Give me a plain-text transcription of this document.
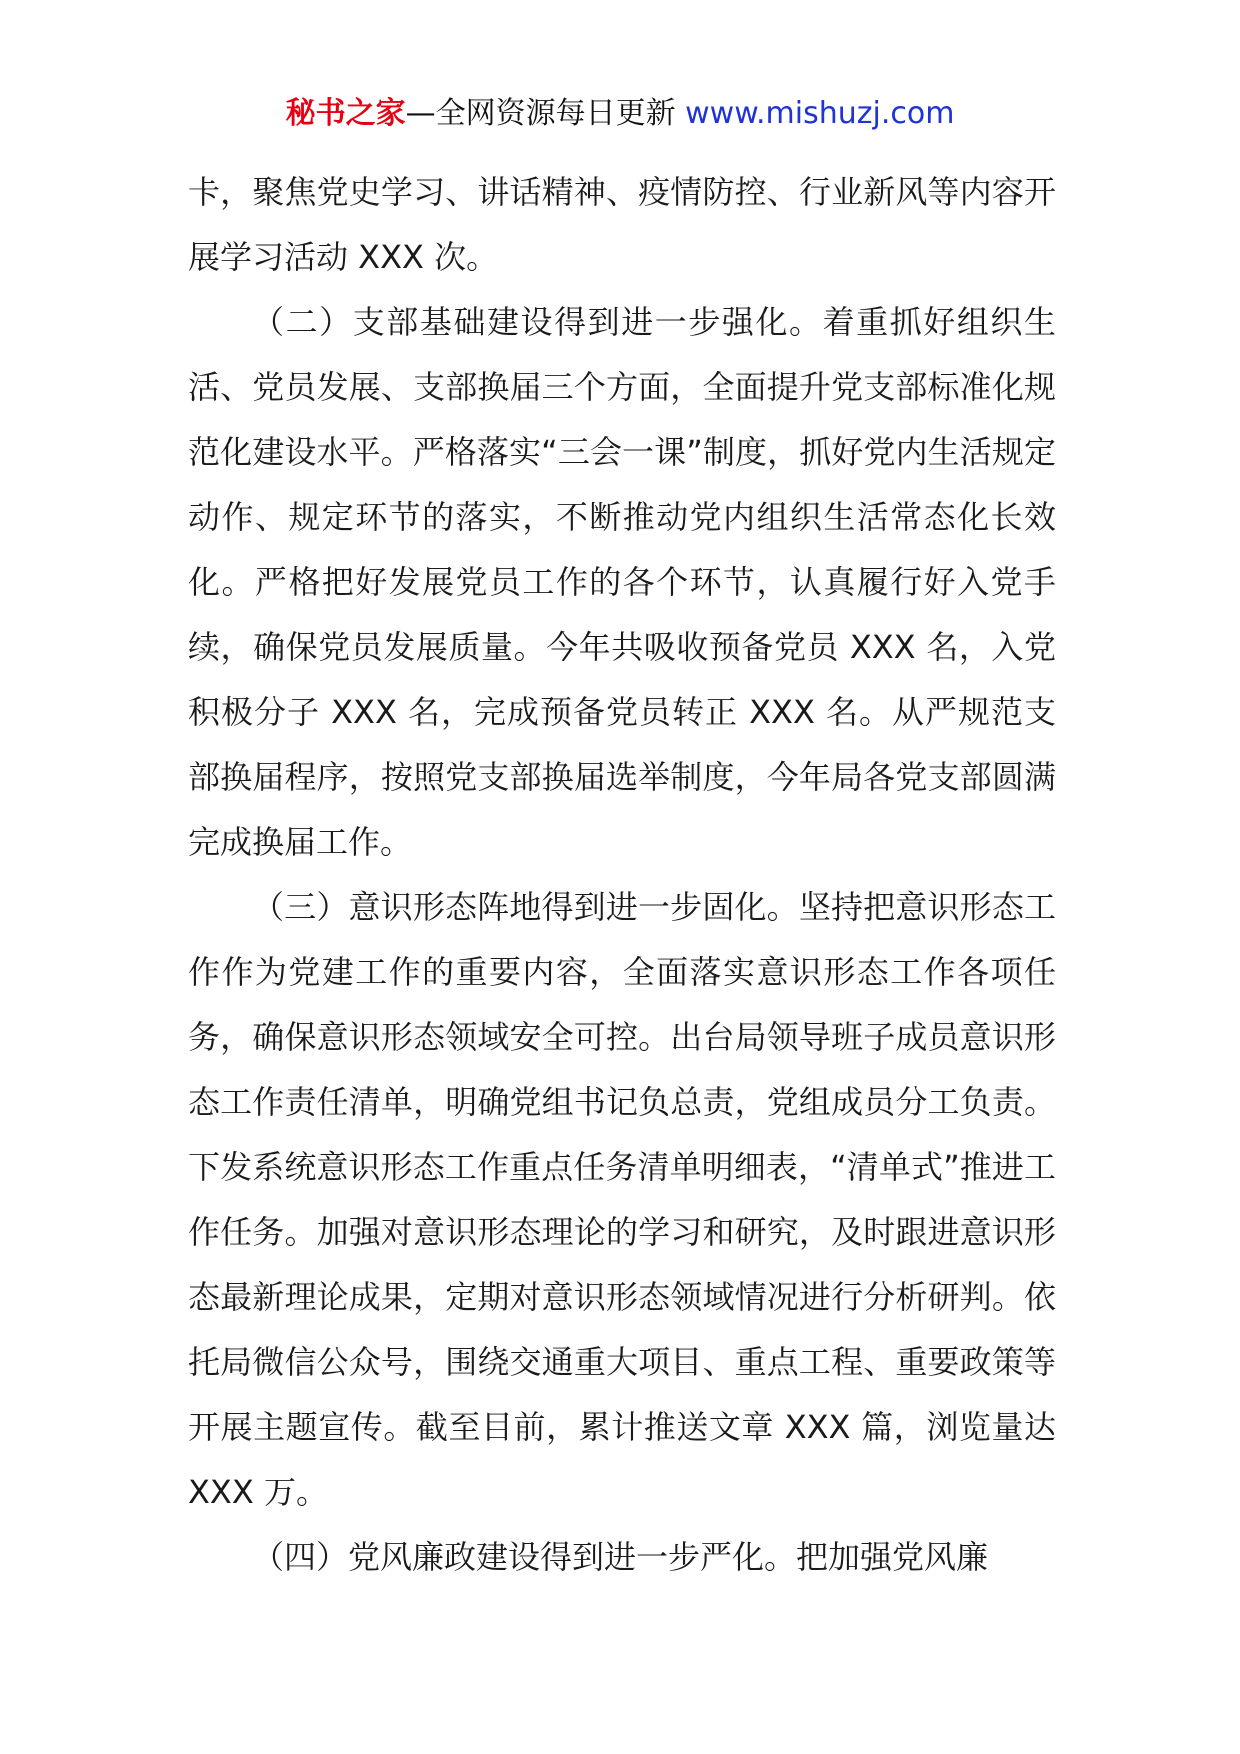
秘书之家—全网资源每日更新 www.mishuzj.com

卡，聚焦党史学习、讲话精神、疫情防控、行业新风等内容开展学习活动 XXX 次。

（二）支部基础建设得到进一步强化。着重抓好组织生活、党员发展、支部换届三个方面，全面提升党支部标准化规范化建设水平。严格落实“三会一课”制度，抓好党内生活规定动作、规定环节的落实，不断推动党内组织生活常态化长效化。严格把好发展党员工作的各个环节，认真履行好入党手续，确保党员发展质量。今年共吸收预备党员 XXX 名，入党积极分子 XXX 名，完成预备党员转正 XXX 名。从严规范支部换届程序，按照党支部换届选举制度，今年局各党支部圆满完成换届工作。

（三）意识形态阵地得到进一步固化。坚持把意识形态工作作为党建工作的重要内容，全面落实意识形态工作各项任务，确保意识形态领域安全可控。出台局领导班子成员意识形态工作责任清单，明确党组书记负总责，党组成员分工负责。下发系统意识形态工作重点任务清单明细表，“清单式”推进工作任务。加强对意识形态理论的学习和研究，及时跟进意识形态最新理论成果，定期对意识形态领域情况进行分析研判。依托局微信公众号，围绕交通重大项目、重点工程、重要政策等开展主题宣传。截至目前，累计推送文章 XXX 篇，浏览量达 XXX 万。

（四）党风廉政建设得到进一步严化。把加强党风廉
